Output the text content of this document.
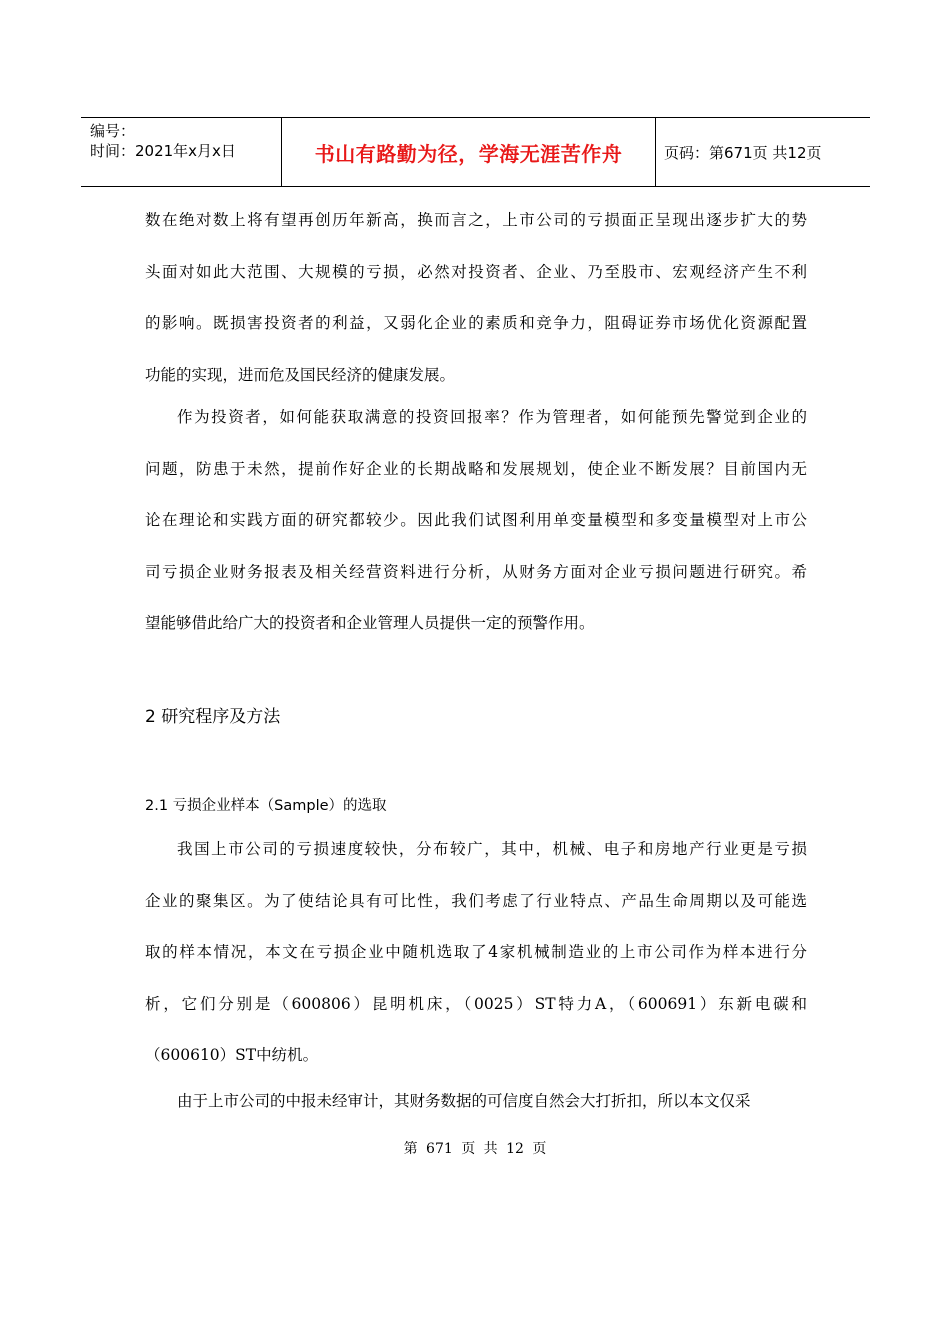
编号：
时间：2021年x月x日	书山有路勤为径，学海无涯苦作舟	页码：第671页 共12页
数在绝对数上将有望再创历年新高，换而言之，上市公司的亏损面正呈现出逐步扩大的势
头面对如此大范围、大规模的亏损，必然对投资者、企业、乃至股市、宏观经济产生不利
的影响。既损害投资者的利益，又弱化企业的素质和竞争力，阻碍证券市场优化资源配置
功能的实现，进而危及国民经济的健康发展。
作为投资者，如何能获取满意的投资回报率？作为管理者，如何能预先警觉到企业的
问题，防患于未然，提前作好企业的长期战略和发展规划，使企业不断发展？目前国内无
论在理论和实践方面的研究都较少。因此我们试图利用单变量模型和多变量模型对上市公
司亏损企业财务报表及相关经营资料进行分析，从财务方面对企业亏损问题进行研究。希
望能够借此给广大的投资者和企业管理人员提供一定的预警作用。
2 研究程序及方法
2.1 亏损企业样本（Sample）的选取
我国上市公司的亏损速度较快，分布较广，其中，机械、电子和房地产行业更是亏损
企业的聚集区。为了使结论具有可比性，我们考虑了行业特点、产品生命周期以及可能选
取的样本情况，本文在亏损企业中随机选取了4家机械制造业的上市公司作为样本进行分
析，它们分别是（600806）昆明机床，（0025）ST特力A，（600691）东新电碳和
（600610）ST中纺机。
由于上市公司的中报未经审计，其财务数据的可信度自然会大打折扣，所以本文仅采
第 671 页 共 12 页
